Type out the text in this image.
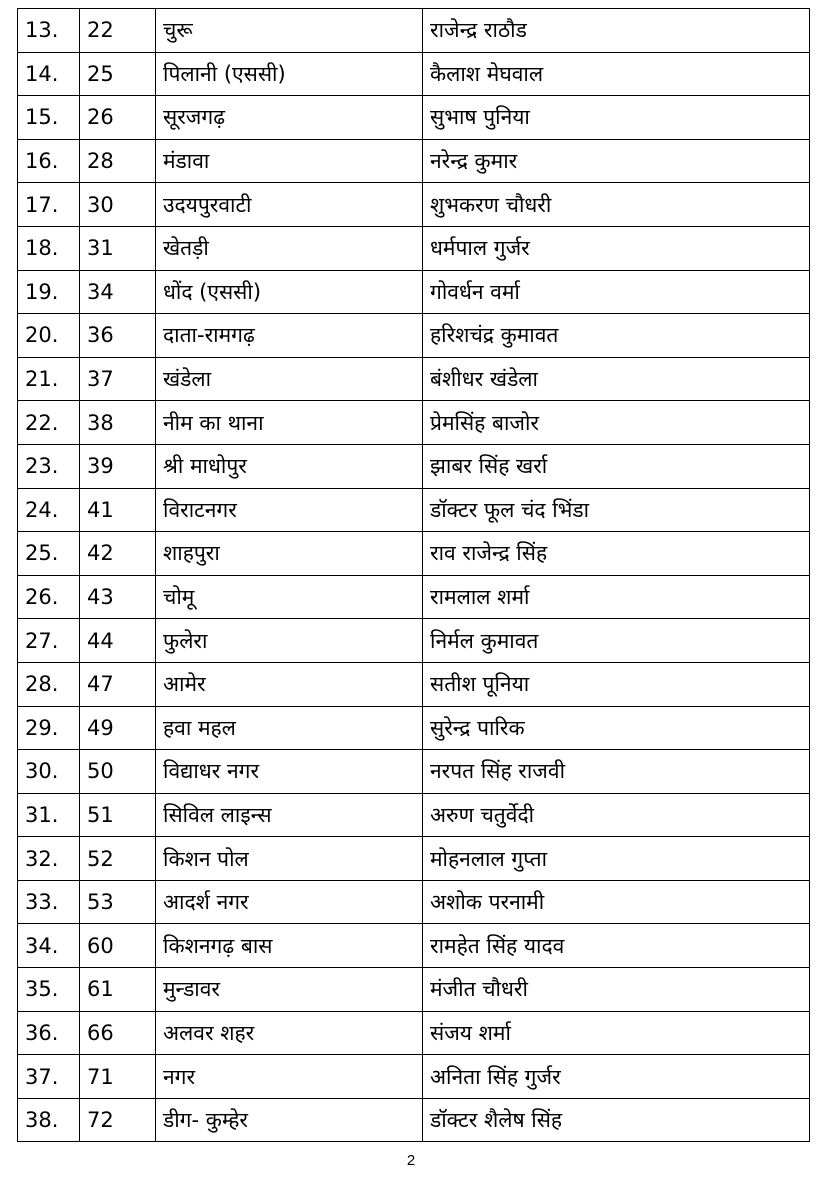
13.	22	चुरू	राजेन्द्र राठौड
14.	25	पिलानी (एससी)	कैलाश मेघवाल
15.	26	सूरजगढ़	सुभाष पुनिया
16.	28	मंडावा	नरेन्द्र कुमार
17.	30	उदयपुरवाटी	शुभकरण चौधरी
18.	31	खेतड़ी	धर्मपाल गुर्जर
19.	34	धोंद (एससी)	गोवर्धन वर्मा
20.	36	दाता-रामगढ़	हरिशचंद्र कुमावत
21.	37	खंडेला	बंशीधर खंडेला
22.	38	नीम का थाना	प्रेमसिंह बाजोर
23.	39	श्री माधोपुर	झाबर सिंह खर्रा
24.	41	विराटनगर	डॉक्टर फूल चंद भिंडा
25.	42	शाहपुरा	राव राजेन्द्र सिंह
26.	43	चोमू	रामलाल शर्मा
27.	44	फुलेरा	निर्मल कुमावत
28.	47	आमेर	सतीश पूनिया
29.	49	हवा महल	सुरेन्द्र पारिक
30.	50	विद्याधर नगर	नरपत सिंह राजवी
31.	51	सिविल लाइन्स	अरुण चतुर्वेदी
32.	52	किशन पोल	मोहनलाल गुप्ता
33.	53	आदर्श नगर	अशोक परनामी
34.	60	किशनगढ़ बास	रामहेत सिंह यादव
35.	61	मुन्डावर	मंजीत चौधरी
36.	66	अलवर शहर	संजय शर्मा
37.	71	नगर	अनिता सिंह गुर्जर
38.	72	डीग- कुम्हेर	डॉक्टर शैलेष सिंह
2
